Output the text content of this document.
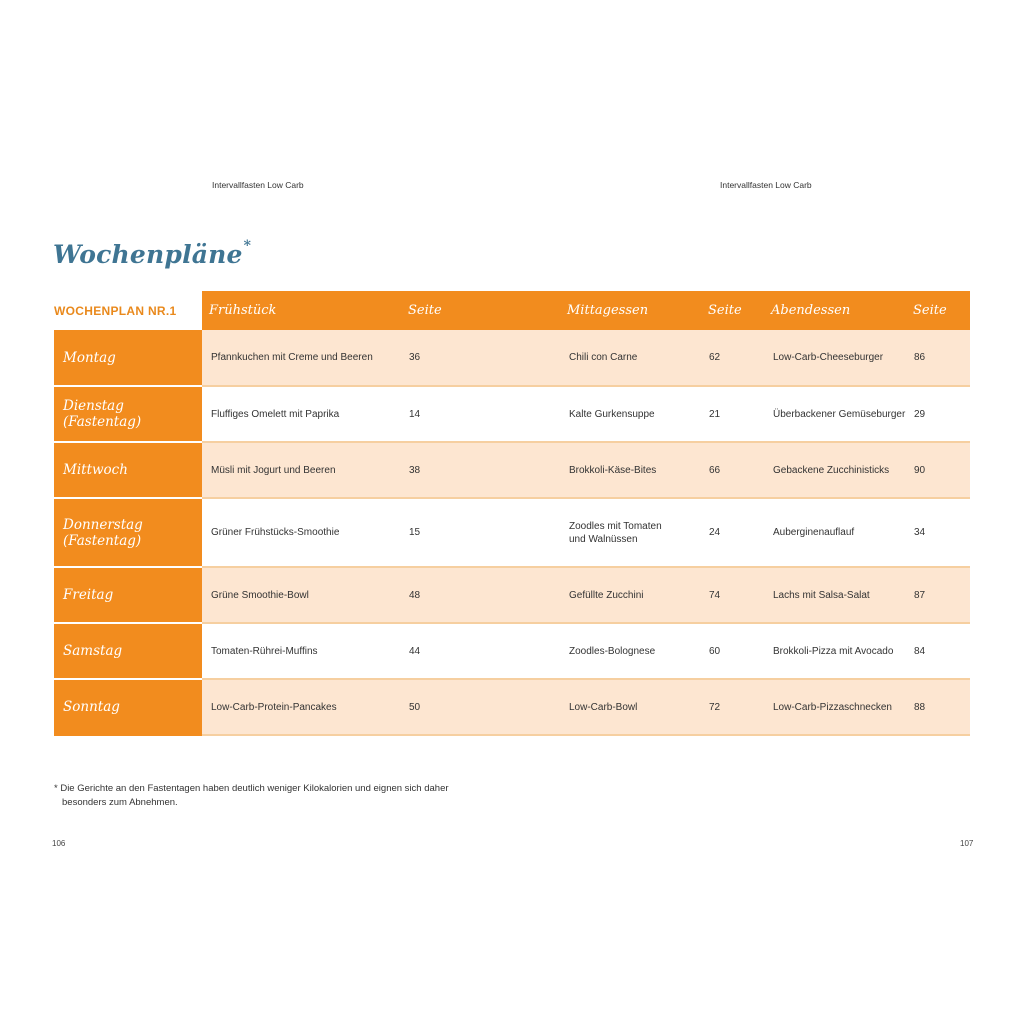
Intervallfasten Low Carb	Intervallfasten Low Carb
Wochenpläne*
WOCHENPLAN NR.1	Frühstück	Seite	Mittagessen	Seite	Abendessen	Seite
Montag	Pfannkuchen mit Creme und Beeren	36	Chili con Carne	62	Low-Carb-Cheeseburger	86
Dienstag (Fastentag)	Fluffiges Omelett mit Paprika	14	Kalte Gurkensuppe	21	Überbackener Gemüseburger	29
Mittwoch	Müsli mit Jogurt und Beeren	38	Brokkoli-Käse-Bites	66	Gebackene Zucchinisticks	90
Donnerstag (Fastentag)	Grüner Frühstücks-Smoothie	15	Zoodles mit Tomaten
und Walnüssen	24	Auberginenauflauf	34
Freitag	Grüne Smoothie-Bowl	48	Gefüllte Zucchini	74	Lachs mit Salsa-Salat	87
Samstag	Tomaten-Rührei-Muffins	44	Zoodles-Bolognese	60	Brokkoli-Pizza mit Avocado	84
Sonntag	Low-Carb-Protein-Pancakes	50	Low-Carb-Bowl	72	Low-Carb-Pizzaschnecken	88

* Die Gerichte an den Fastentagen haben deutlich weniger Kilokalorien und eignen sich daher besonders zum Abnehmen.

106	107
